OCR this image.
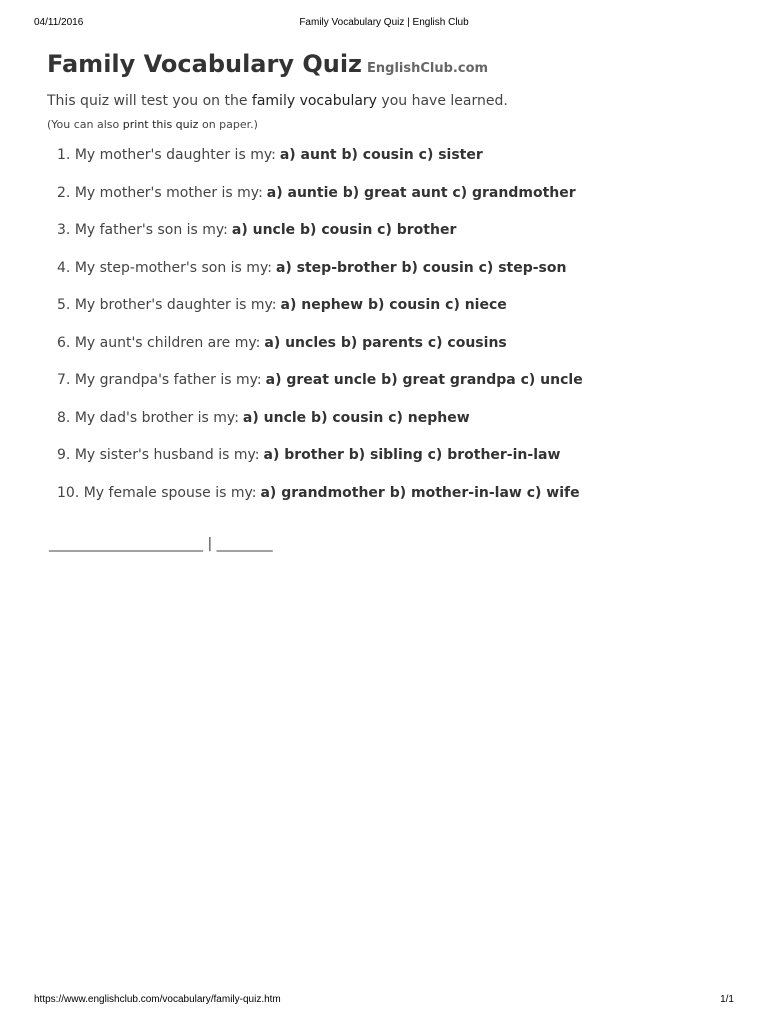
04/11/2016	Family Vocabulary Quiz | English Club
Family Vocabulary Quiz EnglishClub.com

This quiz will test you on the family vocabulary you have learned.

(You can also print this quiz on paper.)

1. My mother's daughter is my: a) aunt b) cousin c) sister
2. My mother's mother is my: a) auntie b) great aunt c) grandmother
3. My father's son is my: a) uncle b) cousin c) brother
4. My step-mother's son is my: a) step-brother b) cousin c) step-son
5. My brother's daughter is my: a) nephew b) cousin c) niece
6. My aunt's children are my: a) uncles b) parents c) cousins
7. My grandpa's father is my: a) great uncle b) great grandpa c) uncle
8. My dad's brother is my: a) uncle b) cousin c) nephew
9. My sister's husband is my: a) brother b) sibling c) brother-in-law
10. My female spouse is my: a) grandmother b) mother-in-law c) wife
______________________ | ________
https://www.englishclub.com/vocabulary/family-quiz.htm	1/1
